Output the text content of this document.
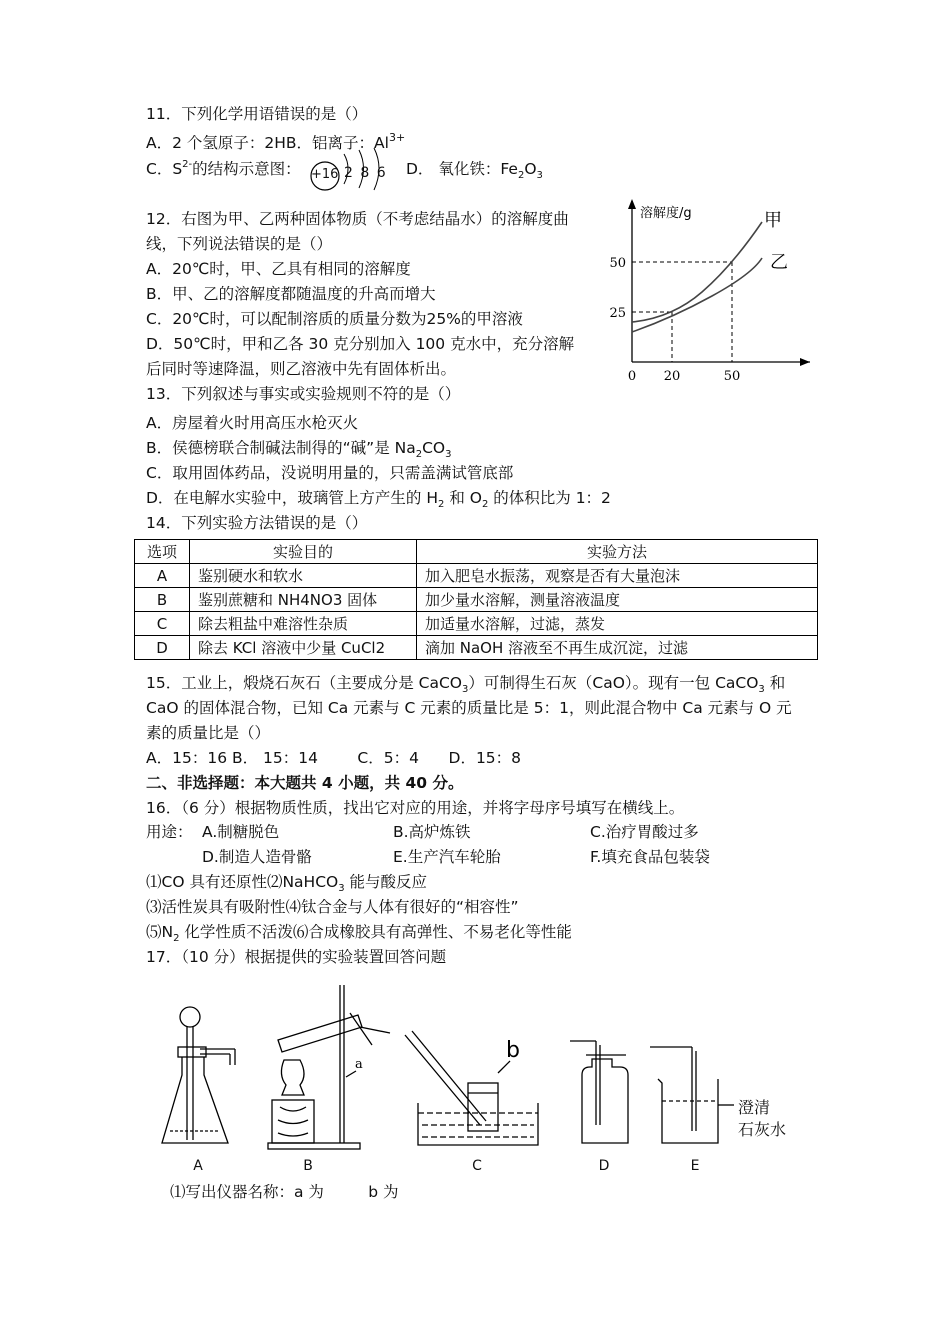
11．下列化学用语错误的是（）
A．2 个氢原子：2HB．铝离子：$Al^{3+}$
C．$S^{2-}$的结构示意图： +16 2 8 6 D． 氧化铁：$Fe_2O_3$
12．右图为甲、乙两种固体物质（不考虑结晶水）的溶解度曲
线，下列说法错误的是（）
A．20℃时，甲、乙具有相同的溶解度
B．甲、乙的溶解度都随温度的升高而增大
C．20℃时，可以配制溶质的质量分数为25%的甲溶液
D．50℃时，甲和乙各 30 克分别加入 100 克水中，充分溶解
后同时等速降温，则乙溶液中先有固体析出。
溶解度/g
0 20	50
25
50
甲
乙
13．下列叙述与事实或实验规则不符的是（）
A．房屋着火时用高压水枪灭火
B．侯德榜联合制碱法制得的“碱”是 $Na_2CO_3$
C．取用固体药品，没说明用量的，只需盖满试管底部
D．在电解水实验中，玻璃管上方产生的 $H_2$ 和 $O_2$ 的体积比为 1：2
14．下列实验方法错误的是（）
选项	实验目的	实验方法
A	鉴别硬水和软水	加入肥皂水振荡，观察是否有大量泡沫
B	鉴别蔗糖和 NH4NO3 固体	加少量水溶解，测量溶液温度
C	除去粗盐中难溶性杂质	加适量水溶解，过滤，蒸发
D	除去 KCl 溶液中少量 CuCl2	滴加 NaOH 溶液至不再生成沉淀，过滤
15．工业上，煅烧石灰石（主要成分是 CaCO$_3$）可制得生石灰（CaO）。现有一包 CaCO$_3$ 和
CaO 的固体混合物，已知 Ca 元素与 C 元素的质量比是 5：1，则此混合物中 Ca 元素与 O 元
素的质量比是（）
A．15：16 B． 15：14        C．5：4      D．15：8
二、非选择题：本大题共 4 小题，共 40 分。
16．（6 分）根据物质性质，找出它对应的用途，并将字母序号填写在横线上。
用途： A.制糖脱色	B.高炉炼铁	C.治疗胃酸过多
D.制造人造骨骼	E.生产汽车轮胎	F.填充食品包装袋
⑴CO 具有还原性⑵NaHCO$_3$ 能与酸反应
⑶活性炭具有吸附性⑷钛合金与人体有很好的“相容性”
$⑸N_2$ 化学性质不活泼⑹合成橡胶具有高弹性、不易老化等性能
17．（10 分）根据提供的实验装置回答问题
a
b
澄清
石灰水
A	B	C	D	E
⑴写出仪器名称：a 为         b 为
